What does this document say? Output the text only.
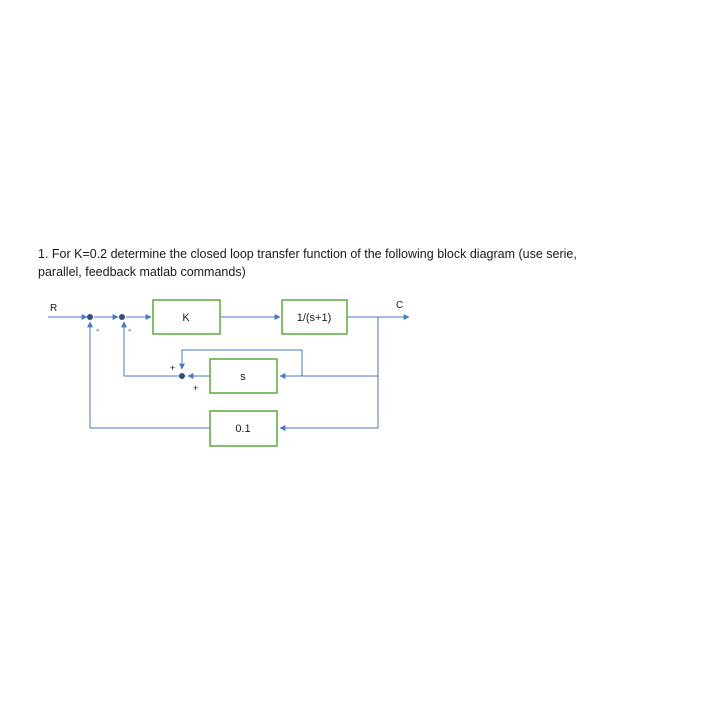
1. For K=0.2 determine the closed loop transfer function of the following block diagram (use serie,
parallel, feedback matlab commands)
K	1/(s+1)
s
0.1
R	C
-	-
+
+
